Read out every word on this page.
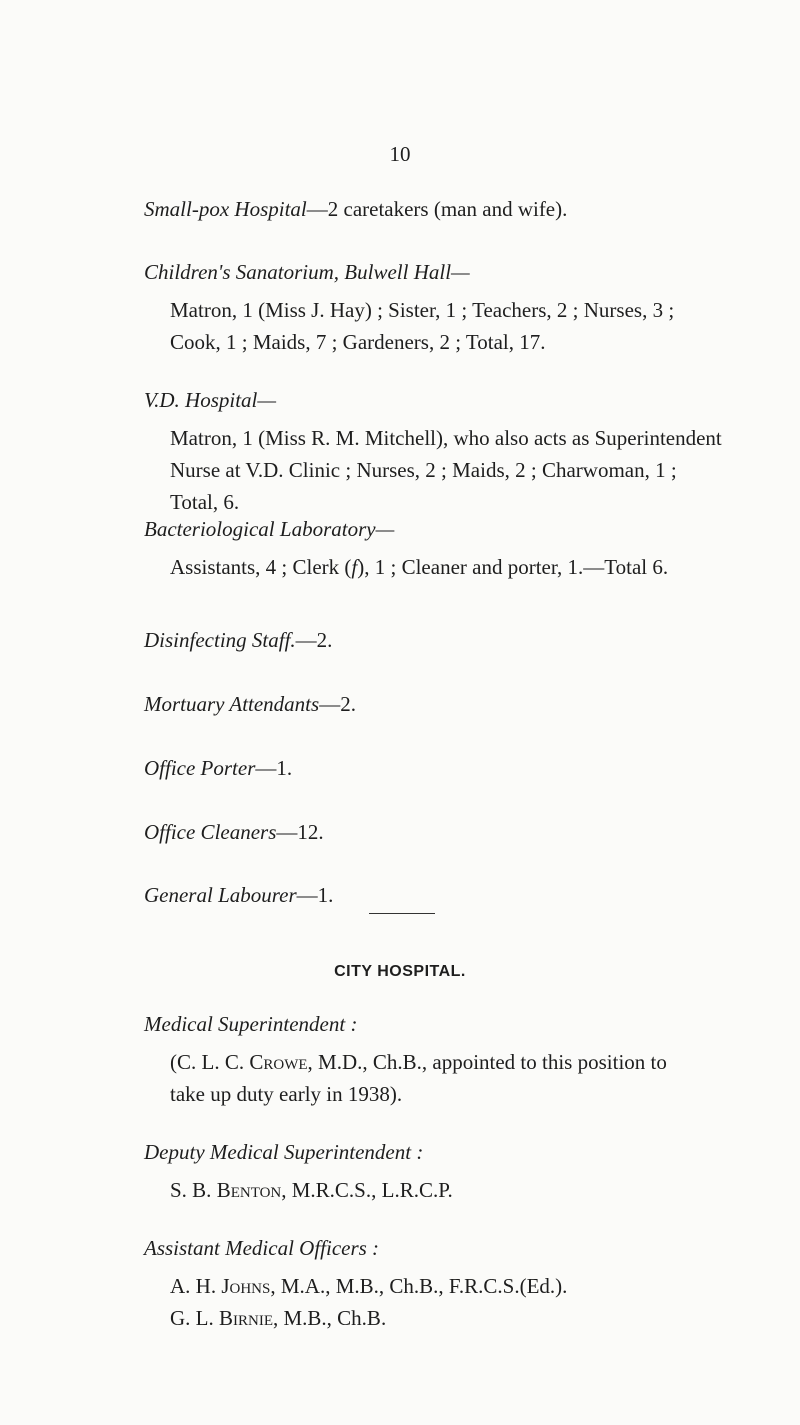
10
Small-pox Hospital—2 caretakers (man and wife).
Children's Sanatorium, Bulwell Hall—
Matron, 1 (Miss J. Hay) ; Sister, 1 ; Teachers, 2 ; Nurses, 3 ;
Cook, 1 ; Maids, 7 ; Gardeners, 2 ; Total, 17.
V.D. Hospital—
Matron, 1 (Miss R. M. Mitchell), who also acts as Superintendent
Nurse at V.D. Clinic ; Nurses, 2 ; Maids, 2 ; Charwoman, 1 ;
Total, 6.
Bacteriological Laboratory—
Assistants, 4 ; Clerk (f), 1 ; Cleaner and porter, 1.—Total 6.
Disinfecting Staff.—2.
Mortuary Attendants—2.
Office Porter—1.
Office Cleaners—12.
General Labourer—1.
CITY HOSPITAL.
Medical Superintendent :
(C. L. C. Crowe, M.D., Ch.B., appointed to this position to
take up duty early in 1938).
Deputy Medical Superintendent :
S. B. Benton, M.R.C.S., L.R.C.P.
Assistant Medical Officers :
A. H. Johns, M.A., M.B., Ch.B., F.R.C.S.(Ed.).
G. L. Birnie, M.B., Ch.B.
